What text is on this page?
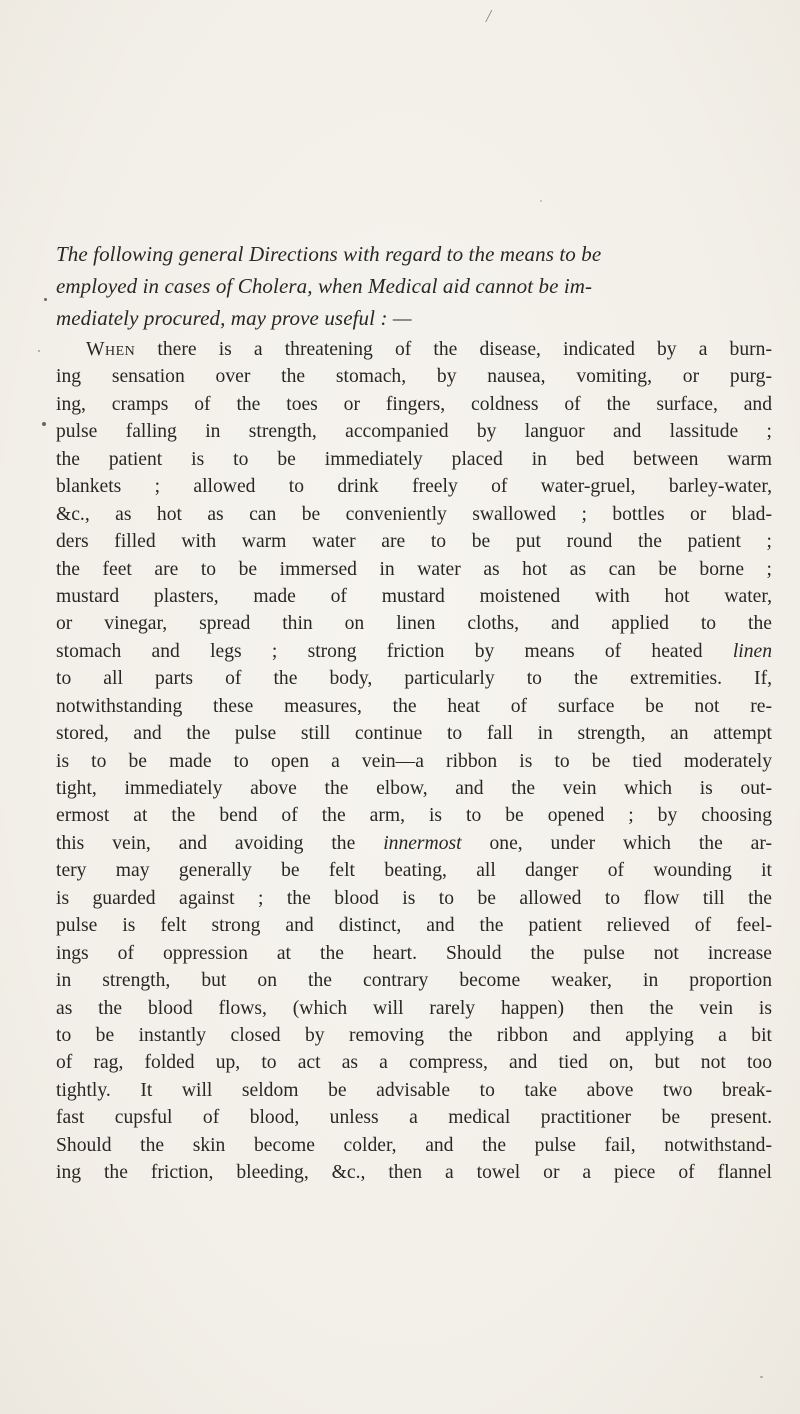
/
The following general Directions with regard to the means to be
employed in cases of Cholera, when Medical aid cannot be im-
mediately procured, may prove useful : —
When there is a threatening of the disease, indicated by a burn-
ing sensation over the stomach, by nausea, vomiting, or purg-
ing, cramps of the toes or fingers, coldness of the surface, and
pulse falling in strength, accompanied by languor and lassitude ;
the patient is to be immediately placed in bed between warm
blankets ; allowed to drink freely of water-gruel, barley-water,
&c., as hot as can be conveniently swallowed ; bottles or blad-
ders filled with warm water are to be put round the patient ;
the feet are to be immersed in water as hot as can be borne ;
mustard plasters, made of mustard moistened with hot water,
or vinegar, spread thin on linen cloths, and applied to the
stomach and legs ; strong friction by means of heated linen
to all parts of the body, particularly to the extremities. If,
notwithstanding these measures, the heat of surface be not re-
stored, and the pulse still continue to fall in strength, an attempt
is to be made to open a vein—a ribbon is to be tied moderately
tight, immediately above the elbow, and the vein which is out-
ermost at the bend of the arm, is to be opened ; by choosing
this vein, and avoiding the innermost one, under which the ar-
tery may generally be felt beating, all danger of wounding it
is guarded against ; the blood is to be allowed to flow till the
pulse is felt strong and distinct, and the patient relieved of feel-
ings of oppression at the heart. Should the pulse not increase
in strength, but on the contrary become weaker, in proportion
as the blood flows, (which will rarely happen) then the vein is
to be instantly closed by removing the ribbon and applying a bit
of rag, folded up, to act as a compress, and tied on, but not too
tightly. It will seldom be advisable to take above two break-
fast cupsful of blood, unless a medical practitioner be present.
Should the skin become colder, and the pulse fail, notwithstand-
ing the friction, bleeding, &c., then a towel or a piece of flannel
